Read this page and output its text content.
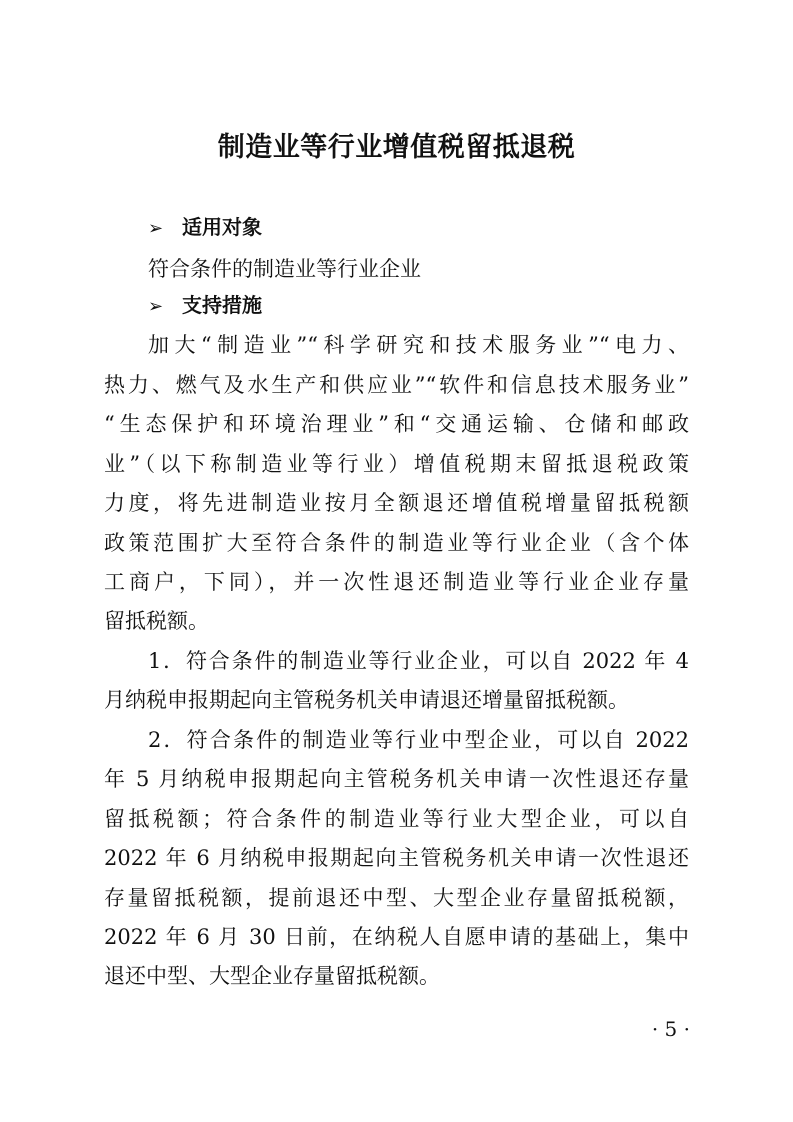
制造业等行业增值税留抵退税
➢ 适用对象
符合条件的制造业等行业企业
➢ 支持措施
加大“制造业”“科学研究和技术服务业”“电力、
热力、燃气及水生产和供应业”“软件和信息技术服务业”
“生态保护和环境治理业”和“交通运输、仓储和邮政
业”（以下称制造业等行业）增值税期末留抵退税政策
力度，将先进制造业按月全额退还增值税增量留抵税额
政策范围扩大至符合条件的制造业等行业企业（含个体
工商户，下同），并一次性退还制造业等行业企业存量
留抵税额。
1．符合条件的制造业等行业企业，可以自 2022 年 4
月纳税申报期起向主管税务机关申请退还增量留抵税额。
2．符合条件的制造业等行业中型企业，可以自 2022
年 5 月纳税申报期起向主管税务机关申请一次性退还存量
留抵税额；符合条件的制造业等行业大型企业，可以自
2022 年 6 月纳税申报期起向主管税务机关申请一次性退还
存量留抵税额，提前退还中型、大型企业存量留抵税额，
2022 年 6 月 30 日前，在纳税人自愿申请的基础上，集中
退还中型、大型企业存量留抵税额。
· 5 ·
